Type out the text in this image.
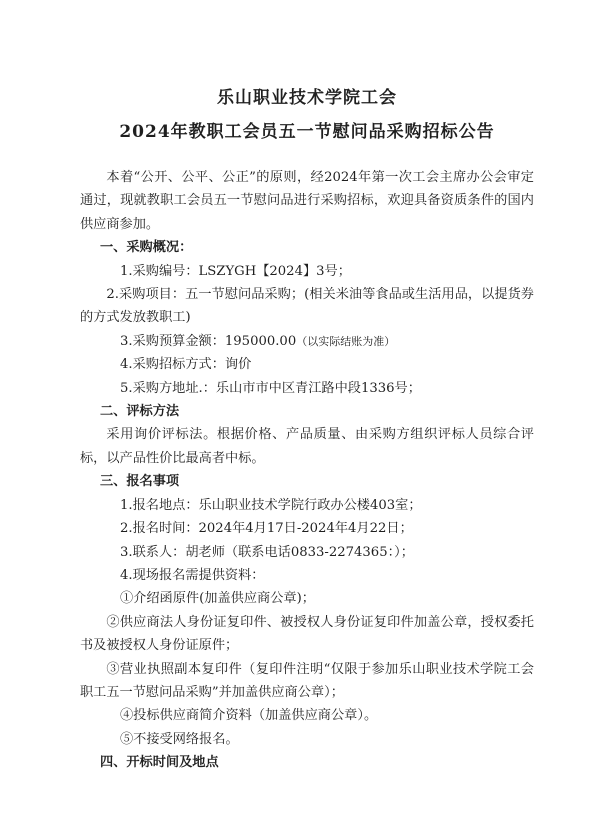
乐山职业技术学院工会
2024年教职工会员五一节慰问品采购招标公告

本着“公开、公平、公正”的原则，经2024年第一次工会主席办公会审定通过，现就教职工会员五一节慰问品进行采购招标，欢迎具备资质条件的国内供应商参加。

一、采购概况：

1.采购编号：LSZYGH【2024】3号；

2.采购项目：五一节慰问品采购；(相关米油等食品或生活用品，以提货券的方式发放教职工)

3.采购预算金额：195000.00（以实际结账为准）

4.采购招标方式：询价

5.采购方地址.：乐山市市中区青江路中段1336号；

二、评标方法

采用询价评标法。根据价格、产品质量、由采购方组织评标人员综合评标，以产品性价比最高者中标。

三、报名事项

1.报名地点：乐山职业技术学院行政办公楼403室；

2.报名时间：2024年4月17日-2024年4月22日；

3.联系人：胡老师（联系电话0833-2274365：）；

4.现场报名需提供资料：

①介绍函原件(加盖供应商公章)；

②供应商法人身份证复印件、被授权人身份证复印件加盖公章，授权委托书及被授权人身份证原件；

③营业执照副本复印件（复印件注明“仅限于参加乐山职业技术学院工会职工五一节慰问品采购”并加盖供应商公章）；

④投标供应商简介资料（加盖供应商公章）。

⑤不接受网络报名。

四、开标时间及地点
